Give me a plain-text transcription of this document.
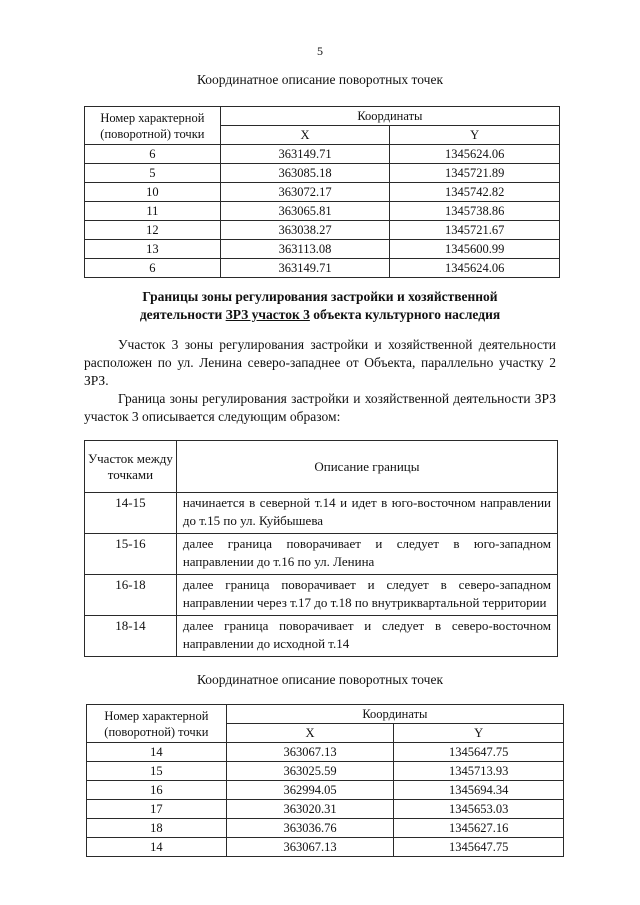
5
Координатное описание поворотных точек
Номер характерной (поворотной) точки	Координаты	
	X	Y
6	363149.71	1345624.06
5	363085.18	1345721.89
10	363072.17	1345742.82
11	363065.81	1345738.86
12	363038.27	1345721.67
13	363113.08	1345600.99
6	363149.71	1345624.06
Границы зоны регулирования застройки и хозяйственной
деятельности ЗРЗ участок 3 объекта культурного наследия
Участок 3 зоны регулирования застройки и хозяйственной деятельности расположен по ул. Ленина северо-западнее от Объекта, параллельно участку 2 ЗРЗ.
Граница зоны регулирования застройки и хозяйственной деятельности ЗРЗ участок 3 описывается следующим образом:
Участок между точками	Описание границы
14-15	начинается в северной т.14 и идет в юго-восточном направлении до т.15 по ул. Куйбышева
15-16	далее граница поворачивает и следует в юго-западном направлении до т.16 по ул. Ленина
16-18	далее граница поворачивает и следует в северо-западном направлении через т.17 до т.18 по внутриквартальной территории
18-14	далее граница поворачивает и следует в северо-восточном направлении до исходной т.14
Координатное описание поворотных точек
Номер характерной (поворотной) точки	Координаты	
	X	Y
14	363067.13	1345647.75
15	363025.59	1345713.93
16	362994.05	1345694.34
17	363020.31	1345653.03
18	363036.76	1345627.16
14	363067.13	1345647.75
